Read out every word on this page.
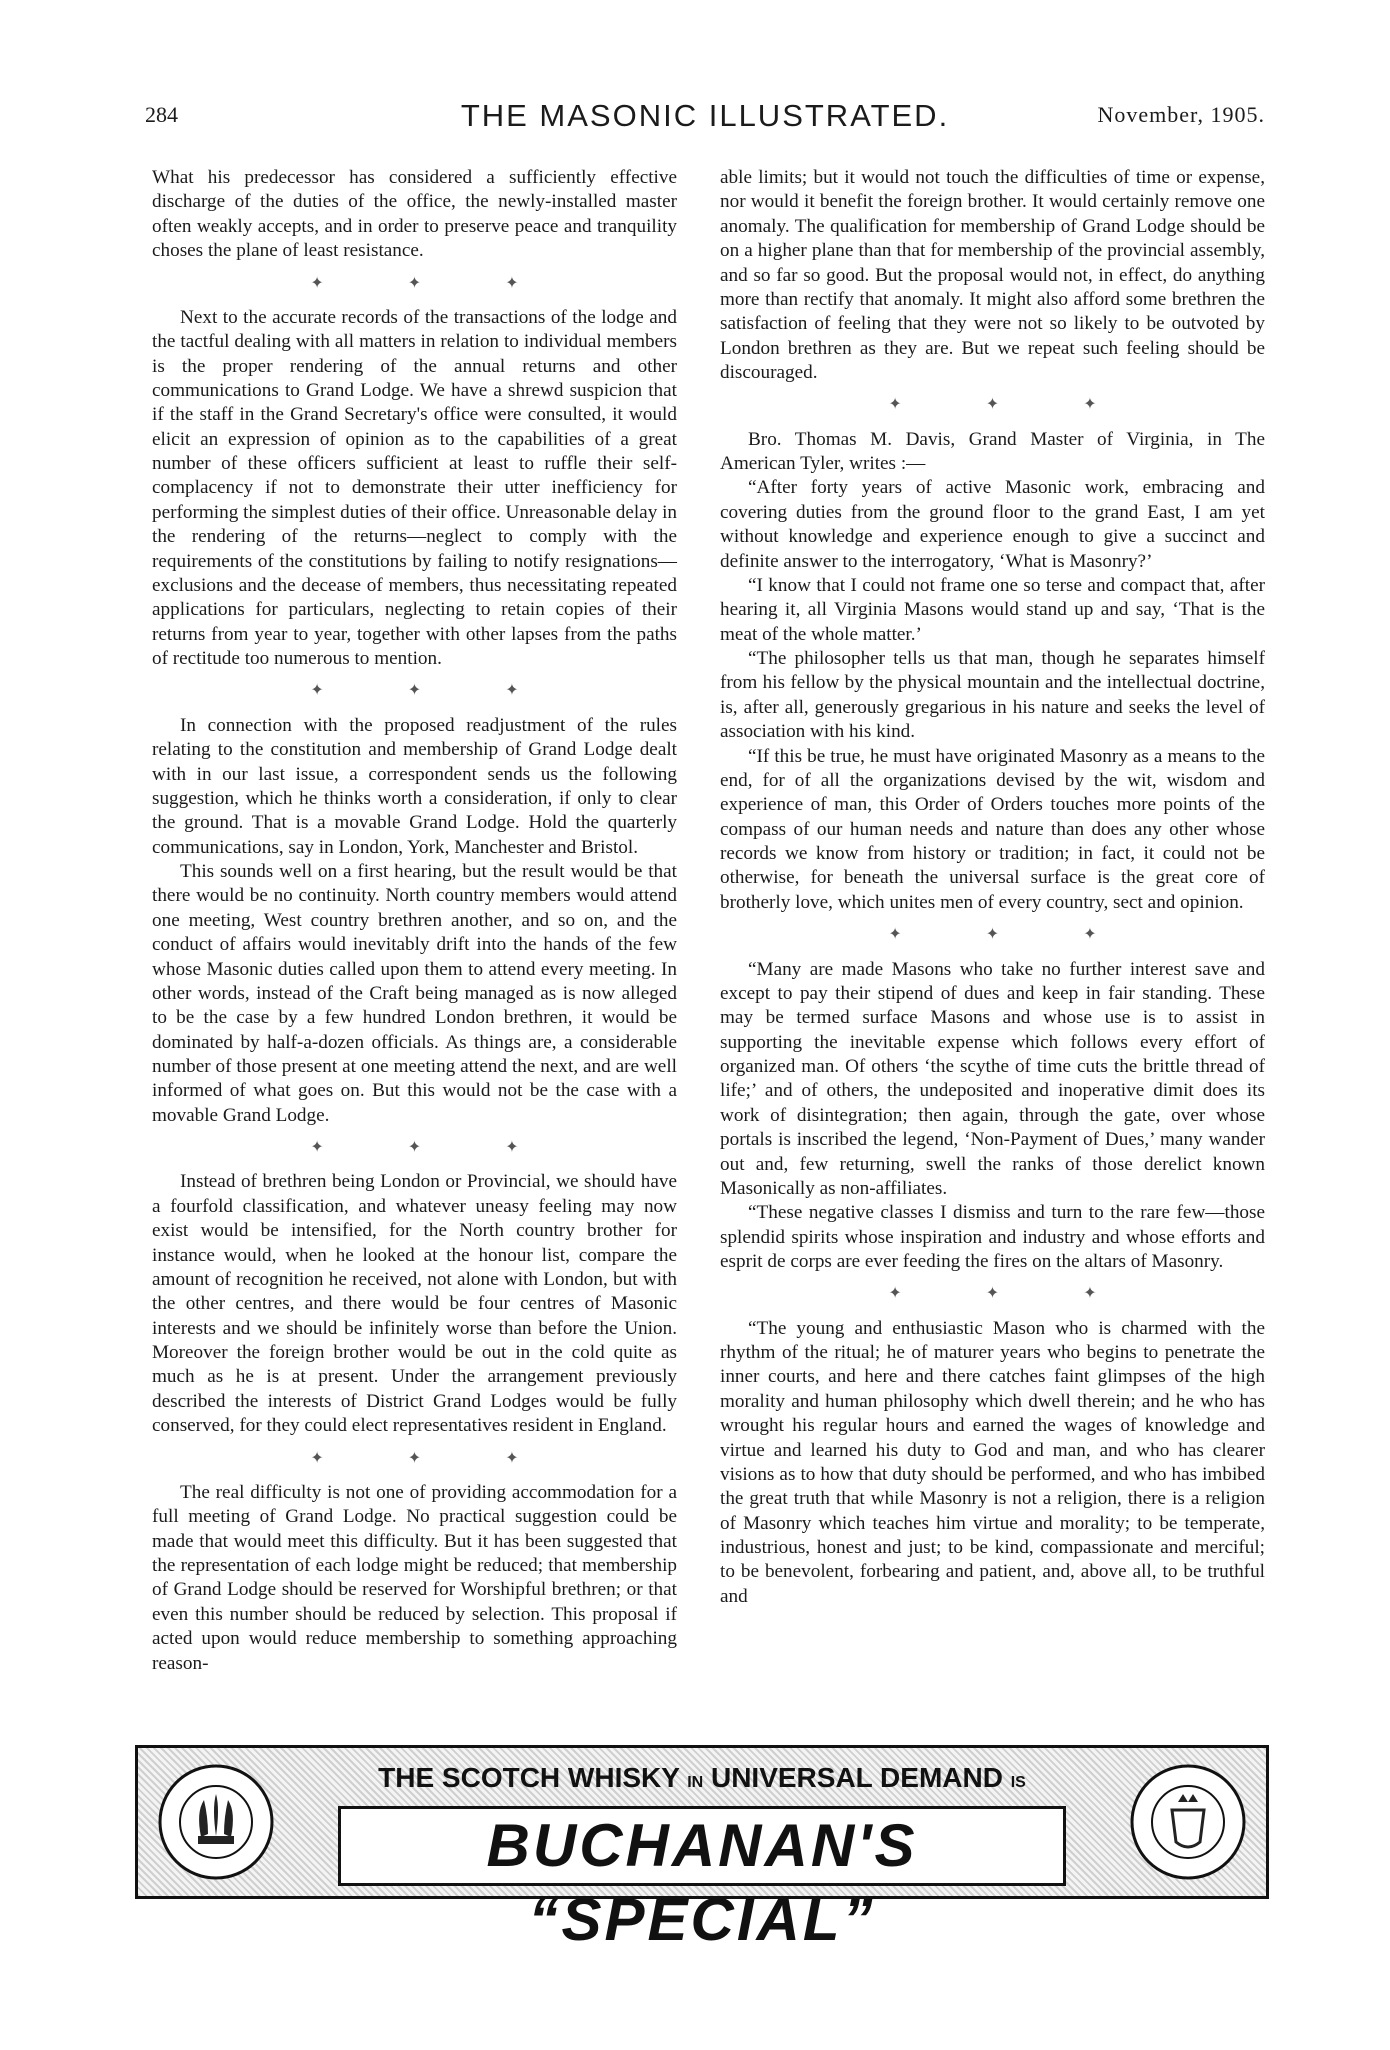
284	THE MASONIC ILLUSTRATED.	November, 1905.

What his predecessor has considered a sufficiently effective discharge of the duties of the office, the newly-installed master often weakly accepts, and in order to preserve peace and tranquility choses the plane of least resistance.

✦ ✦ ✦

Next to the accurate records of the transactions of the lodge and the tactful dealing with all matters in relation to individual members is the proper rendering of the annual returns and other communications to Grand Lodge. We have a shrewd suspicion that if the staff in the Grand Secretary's office were consulted, it would elicit an expression of opinion as to the capabilities of a great number of these officers sufficient at least to ruffle their self-complacency if not to demonstrate their utter inefficiency for performing the simplest duties of their office. Unreasonable delay in the rendering of the returns—neglect to comply with the requirements of the constitutions by failing to notify resignations—exclusions and the decease of members, thus necessitating repeated applications for particulars, neglecting to retain copies of their returns from year to year, together with other lapses from the paths of rectitude too numerous to mention.

✦ ✦ ✦

In connection with the proposed readjustment of the rules relating to the constitution and membership of Grand Lodge dealt with in our last issue, a correspondent sends us the following suggestion, which he thinks worth a consideration, if only to clear the ground. That is a movable Grand Lodge. Hold the quarterly communications, say in London, York, Manchester and Bristol.

This sounds well on a first hearing, but the result would be that there would be no continuity. North country members would attend one meeting, West country brethren another, and so on, and the conduct of affairs would inevitably drift into the hands of the few whose Masonic duties called upon them to attend every meeting. In other words, instead of the Craft being managed as is now alleged to be the case by a few hundred London brethren, it would be dominated by half-a-dozen officials. As things are, a considerable number of those present at one meeting attend the next, and are well informed of what goes on. But this would not be the case with a movable Grand Lodge.

✦ ✦ ✦

Instead of brethren being London or Provincial, we should have a fourfold classification, and whatever uneasy feeling may now exist would be intensified, for the North country brother for instance would, when he looked at the honour list, compare the amount of recognition he received, not alone with London, but with the other centres, and there would be four centres of Masonic interests and we should be infinitely worse than before the Union. Moreover the foreign brother would be out in the cold quite as much as he is at present. Under the arrangement previously described the interests of District Grand Lodges would be fully conserved, for they could elect representatives resident in England.

✦ ✦ ✦

The real difficulty is not one of providing accommodation for a full meeting of Grand Lodge. No practical suggestion could be made that would meet this difficulty. But it has been suggested that the representation of each lodge might be reduced; that membership of Grand Lodge should be reserved for Worshipful brethren; or that even this number should be reduced by selection. This proposal if acted upon would reduce membership to something approaching reason-

able limits; but it would not touch the difficulties of time or expense, nor would it benefit the foreign brother. It would certainly remove one anomaly. The qualification for membership of Grand Lodge should be on a higher plane than that for membership of the provincial assembly, and so far so good. But the proposal would not, in effect, do anything more than rectify that anomaly. It might also afford some brethren the satisfaction of feeling that they were not so likely to be outvoted by London brethren as they are. But we repeat such feeling should be discouraged.

✦ ✦ ✦

Bro. Thomas M. Davis, Grand Master of Virginia, in The American Tyler, writes :—

“After forty years of active Masonic work, embracing and covering duties from the ground floor to the grand East, I am yet without knowledge and experience enough to give a succinct and definite answer to the interrogatory, ‘What is Masonry?’

“I know that I could not frame one so terse and compact that, after hearing it, all Virginia Masons would stand up and say, ‘That is the meat of the whole matter.’

“The philosopher tells us that man, though he separates himself from his fellow by the physical mountain and the intellectual doctrine, is, after all, generously gregarious in his nature and seeks the level of association with his kind.

“If this be true, he must have originated Masonry as a means to the end, for of all the organizations devised by the wit, wisdom and experience of man, this Order of Orders touches more points of the compass of our human needs and nature than does any other whose records we know from history or tradition; in fact, it could not be otherwise, for beneath the universal surface is the great core of brotherly love, which unites men of every country, sect and opinion.

✦ ✦ ✦

“Many are made Masons who take no further interest save and except to pay their stipend of dues and keep in fair standing. These may be termed surface Masons and whose use is to assist in supporting the inevitable expense which follows every effort of organized man. Of others ‘the scythe of time cuts the brittle thread of life;’ and of others, the undeposited and inoperative dimit does its work of disintegration; then again, through the gate, over whose portals is inscribed the legend, ‘Non-Payment of Dues,’ many wander out and, few returning, swell the ranks of those derelict known Masonically as non-affiliates.

“These negative classes I dismiss and turn to the rare few—those splendid spirits whose inspiration and industry and whose efforts and esprit de corps are ever feeding the fires on the altars of Masonry.

✦ ✦ ✦

“The young and enthusiastic Mason who is charmed with the rhythm of the ritual; he of maturer years who begins to penetrate the inner courts, and here and there catches faint glimpses of the high morality and human philosophy which dwell therein; and he who has wrought his regular hours and earned the wages of knowledge and virtue and learned his duty to God and man, and who has clearer visions as to how that duty should be performed, and who has imbibed the great truth that while Masonry is not a religion, there is a religion of Masonry which teaches him virtue and morality; to be temperate, industrious, honest and just; to be kind, compassionate and merciful; to be benevolent, forbearing and patient, and, above all, to be truthful and

THE SCOTCH WHISKY IN UNIVERSAL DEMAND IS
BUCHANAN'S “SPECIAL”
